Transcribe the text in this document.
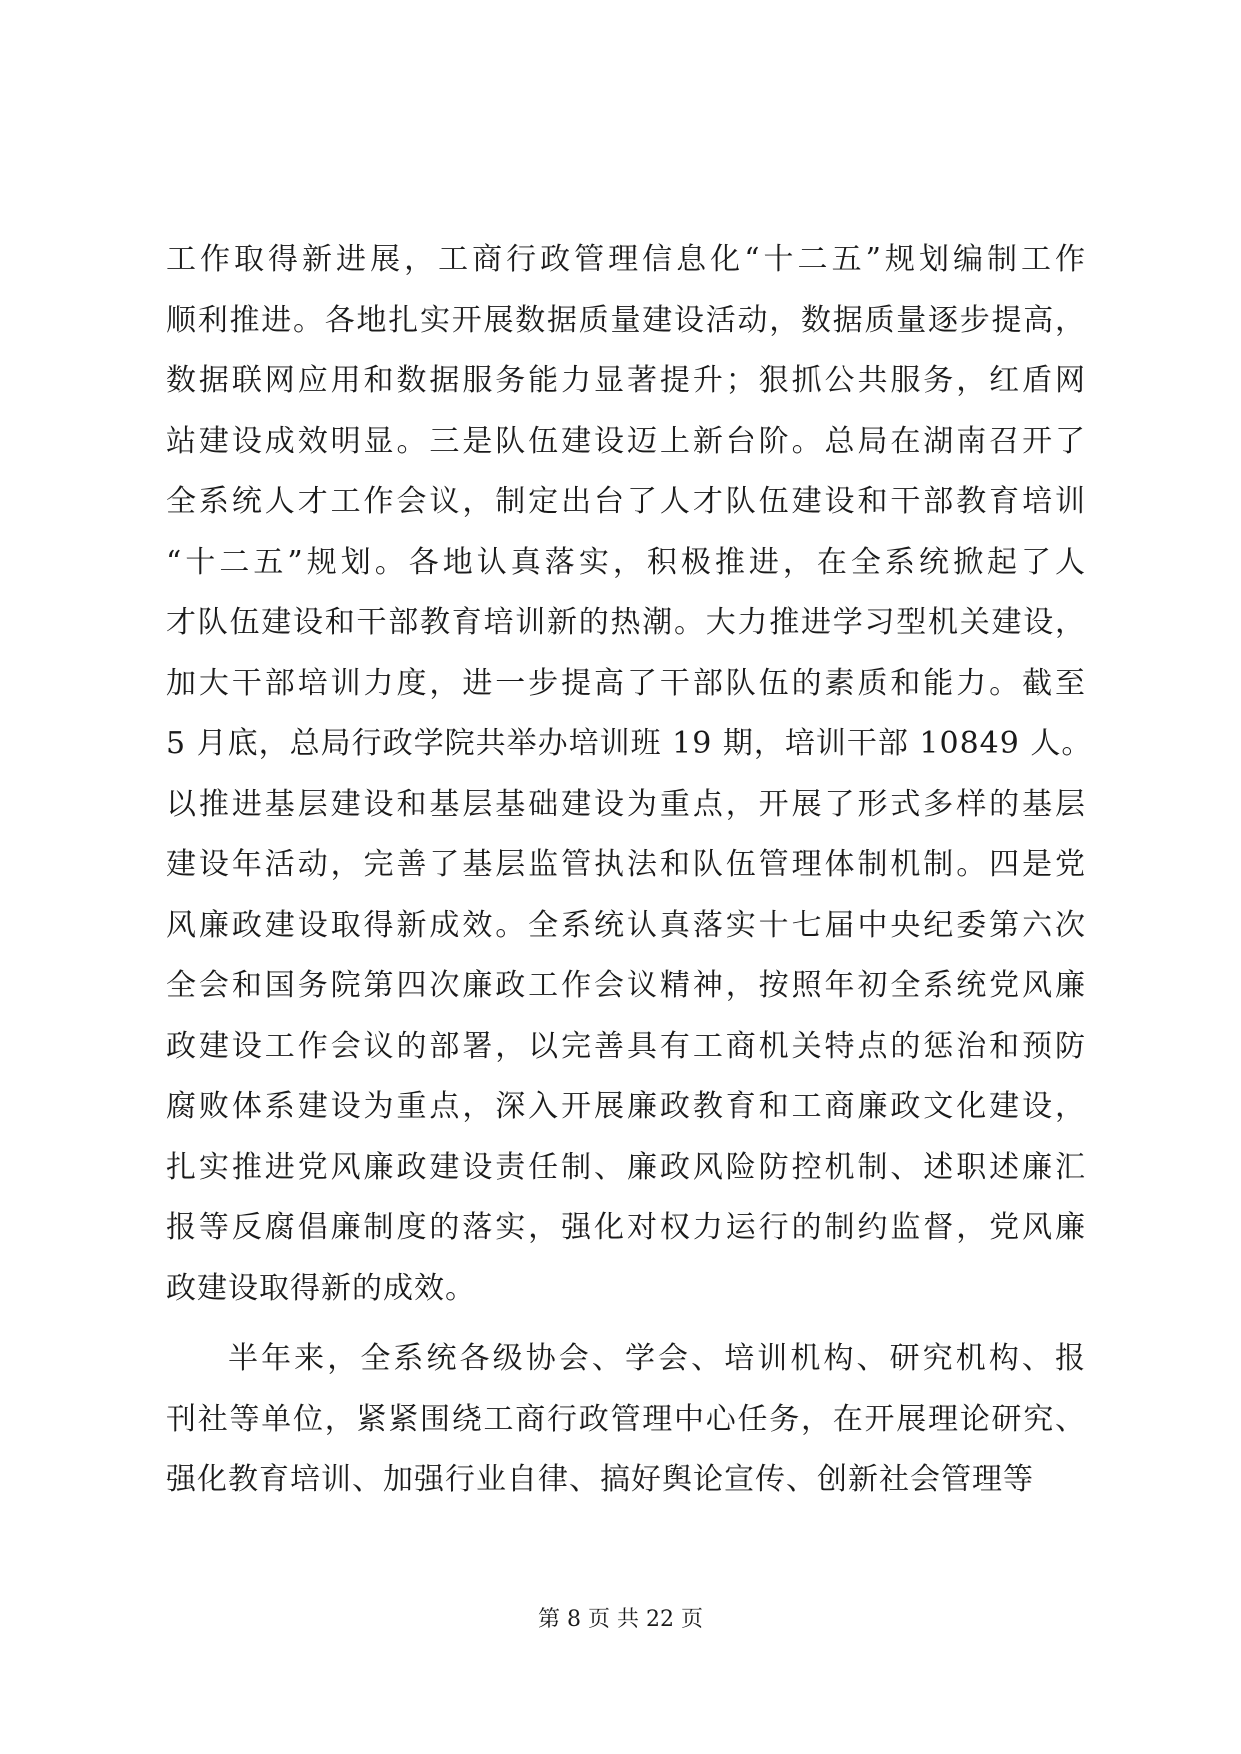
工作取得新进展，工商行政管理信息化“十二五”规划编制工作
顺利推进。各地扎实开展数据质量建设活动，数据质量逐步提高，
数据联网应用和数据服务能力显著提升；狠抓公共服务，红盾网
站建设成效明显。三是队伍建设迈上新台阶。总局在湖南召开了
全系统人才工作会议，制定出台了人才队伍建设和干部教育培训
“十二五”规划。各地认真落实，积极推进，在全系统掀起了人
才队伍建设和干部教育培训新的热潮。大力推进学习型机关建设，
加大干部培训力度，进一步提高了干部队伍的素质和能力。截至
5 月底，总局行政学院共举办培训班 19 期，培训干部 10849 人。
以推进基层建设和基层基础建设为重点，开展了形式多样的基层
建设年活动，完善了基层监管执法和队伍管理体制机制。四是党
风廉政建设取得新成效。全系统认真落实十七届中央纪委第六次
全会和国务院第四次廉政工作会议精神，按照年初全系统党风廉
政建设工作会议的部署，以完善具有工商机关特点的惩治和预防
腐败体系建设为重点，深入开展廉政教育和工商廉政文化建设，
扎实推进党风廉政建设责任制、廉政风险防控机制、述职述廉汇
报等反腐倡廉制度的落实，强化对权力运行的制约监督，党风廉
政建设取得新的成效。
半年来，全系统各级协会、学会、培训机构、研究机构、报
刊社等单位，紧紧围绕工商行政管理中心任务，在开展理论研究、
强化教育培训、加强行业自律、搞好舆论宣传、创新社会管理等
第 8 页 共 22 页
